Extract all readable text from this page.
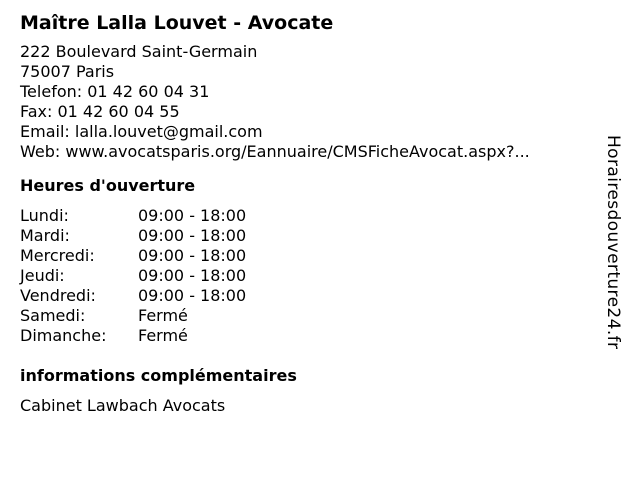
Maître Lalla Louvet - Avocate
222 Boulevard Saint-Germain
75007 Paris
Telefon: 01 42 60 04 31
Fax: 01 42 60 04 55
Email: lalla.louvet@gmail.com
Web: www.avocatsparis.org/Eannuaire/CMSFicheAvocat.aspx?...
Heures d'ouverture
Lundi:	09:00 - 18:00
Mardi:	09:00 - 18:00
Mercredi:	09:00 - 18:00
Jeudi:	09:00 - 18:00
Vendredi:	09:00 - 18:00
Samedi:	Fermé
Dimanche:	Fermé
informations complémentaires
Cabinet Lawbach Avocats
Horairesdouverture24.fr
